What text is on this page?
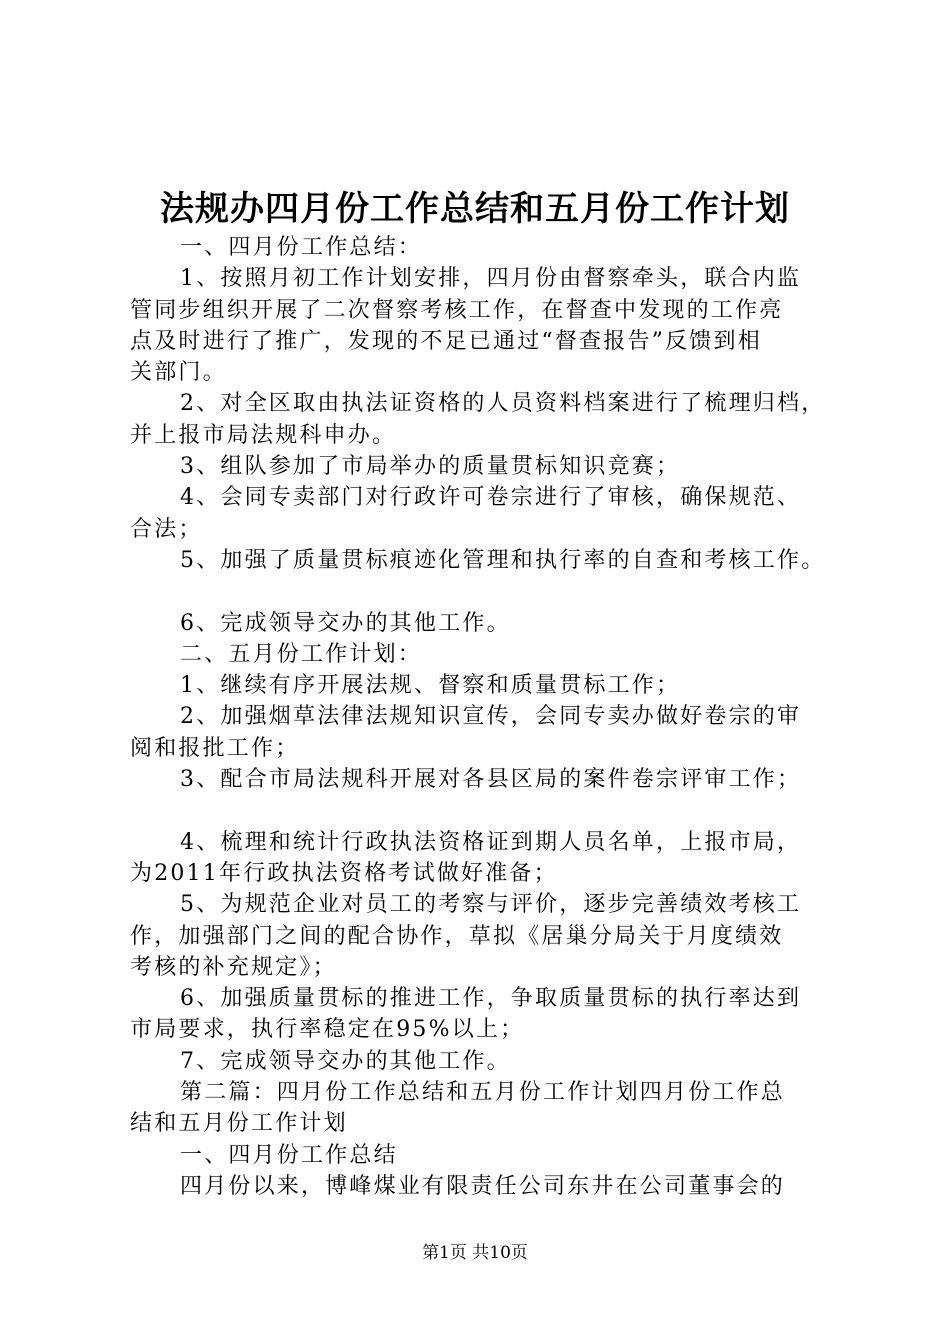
法规办四月份工作总结和五月份工作计划
一、四月份工作总结：
1、按照月初工作计划安排，四月份由督察牵头，联合内监
管同步组织开展了二次督察考核工作，在督查中发现的工作亮
点及时进行了推广，发现的不足已通过“督查报告”反馈到相
关部门。
2、对全区取由执法证资格的人员资料档案进行了梳理归档，
并上报市局法规科申办。
3、组队参加了市局举办的质量贯标知识竞赛；
4、会同专卖部门对行政许可卷宗进行了审核，确保规范、
合法；
5、加强了质量贯标痕迹化管理和执行率的自查和考核工作。
6、完成领导交办的其他工作。
二、五月份工作计划：
1、继续有序开展法规、督察和质量贯标工作；
2、加强烟草法律法规知识宣传，会同专卖办做好卷宗的审
阅和报批工作；
3、配合市局法规科开展对各县区局的案件卷宗评审工作；
4、梳理和统计行政执法资格证到期人员名单，上报市局，
为2011年行政执法资格考试做好准备；
5、为规范企业对员工的考察与评价，逐步完善绩效考核工
作，加强部门之间的配合协作，草拟《居巢分局关于月度绩效
考核的补充规定》；
6、加强质量贯标的推进工作，争取质量贯标的执行率达到
市局要求，执行率稳定在95%以上；
7、完成领导交办的其他工作。
第二篇：四月份工作总结和五月份工作计划四月份工作总
结和五月份工作计划
一、四月份工作总结
四月份以来，博峰煤业有限责任公司东井在公司董事会的
第1页 共10页
